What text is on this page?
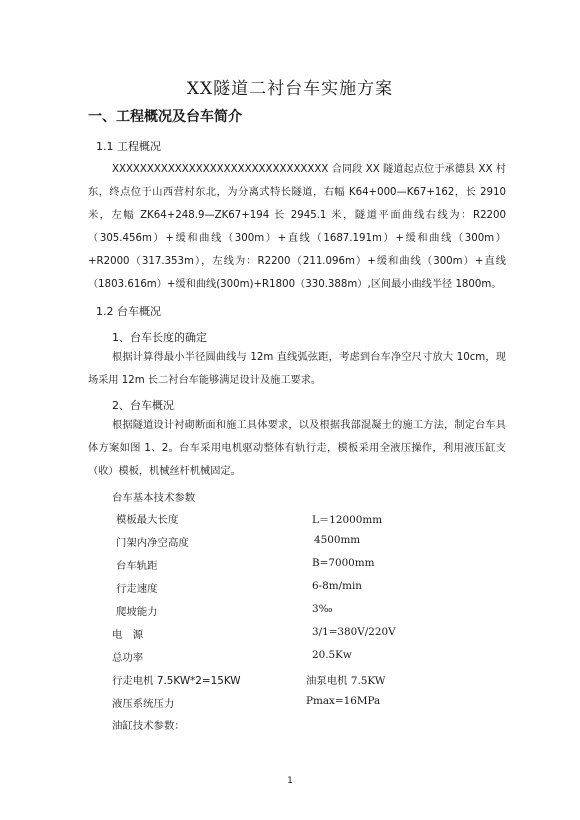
XX隧道二衬台车实施方案
一、工程概况及台车简介
1.1 工程概况

XXXXXXXXXXXXXXXXXXXXXXXXXXXXXXX 合同段 XX 隧道起点位于承德县 XX 村东，终点位于山西营村东北，为分离式特长隧道，右幅 K64+000—K67+162，长 2910 米，左幅 ZK64+248.9—ZK67+194 长 2945.1 米，隧道平面曲线右线为：R2200（305.456m）+缓和曲线（300m）+直线（1687.191m）+缓和曲线（300m）+R2000（317.353m），左线为：R2200（211.096m）+缓和曲线（300m）+直线（1803.616m）+缓和曲线(300m)+R1800（330.388m）,区间最小曲线半径 1800m。

1.2 台车概况
1、台车长度的确定

根据计算得最小半径圆曲线与 12m 直线弧弦距，考虑到台车净空尺寸放大 10cm，现场采用 12m 长二衬台车能够满足设计及施工要求。

2、台车概况

根据隧道设计衬砌断面和施工具体要求，以及根据我部混凝土的施工方法，制定台车具体方案如图 1、2。台车采用电机驱动整体有轨行走，模板采用全液压操作，利用液压缸支（收）模板，机械丝杆机械固定。

台车基本技术参数
模板最大长度	L＝12000mm
门架内净空高度	4500mm
台车轨距	B=7000mm
行走速度	6-8m/min
爬坡能力	3‰
电　源	3/1=380V/220V
总功率	20.5Kw
行走电机 7.5KW*2=15KW	油泵电机 7.5KW
液压系统压力	Pmax=16MPa
油缸技术参数：
1
